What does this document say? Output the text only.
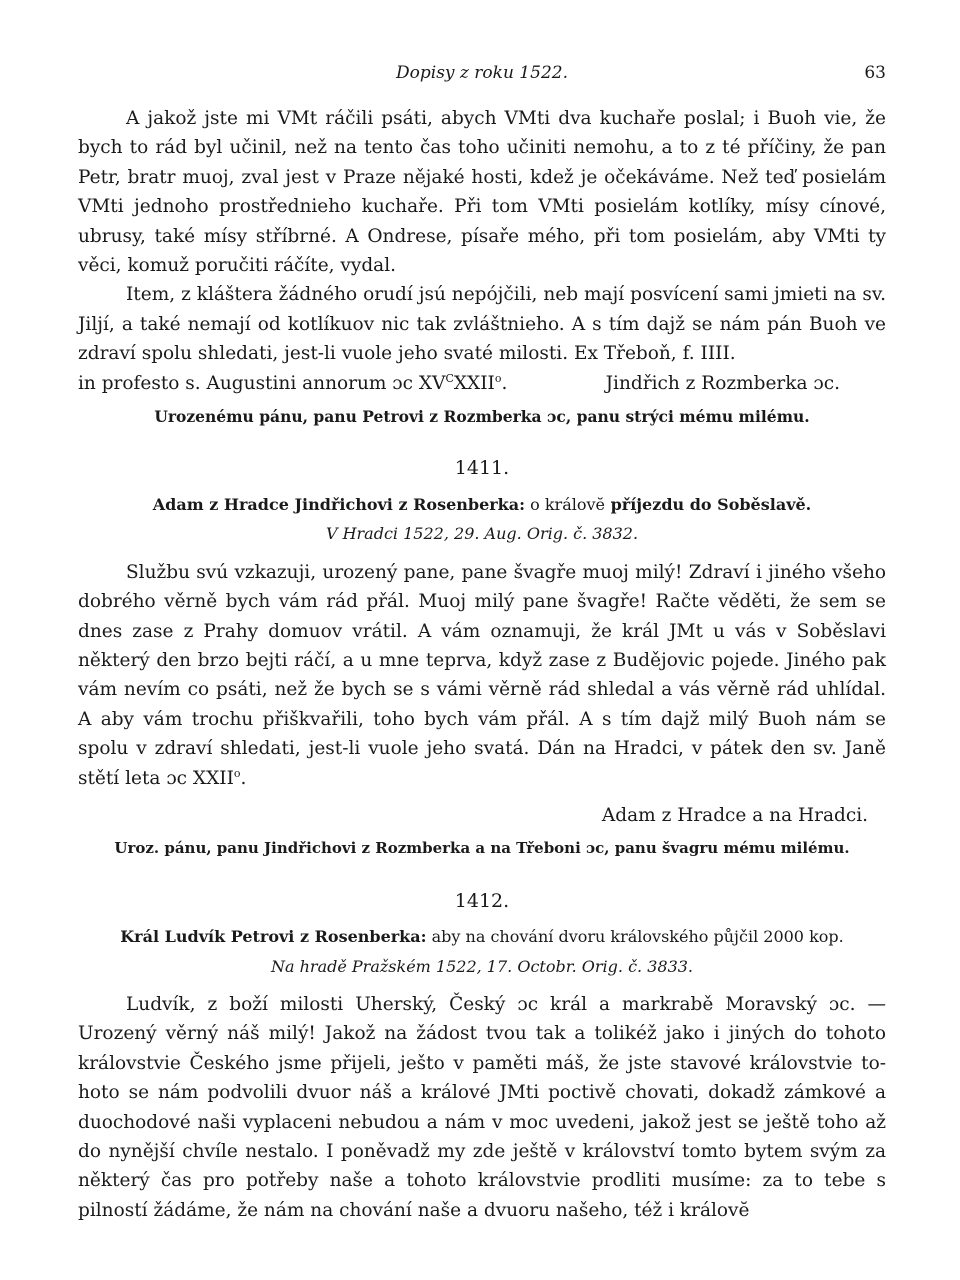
Dopisy z roku 1522.	63

A jakož jste mi VMt ráčili psáti, abych VMti dva kuchaře poslal; i Buoh vie, že bych to rád byl učinil, než na tento čas toho učiniti nemohu, a to z té příčiny, že pan Petr, bratr muoj, zval jest v Praze nějaké hosti, kdež je očekáváme. Než teď posielám VMti jednoho prostřednieho kuchaře. Při tom VMti posielám kotlíky, mísy cínové, ubrusy, také mísy stříbrné. A Ondrese, písaře mého, při tom posielám, aby VMti ty věci, komuž poručiti ráčíte, vydal.

Item, z kláštera žádného orudí jsú nepójčili, neb mají posvícení sami jmieti na sv. Jiljí, a také nemají od kotlíkuov nic tak zvláštnieho. A s tím dajž se nám pán Buoh ve zdraví spolu shledati, jest-li vuole jeho svaté milosti. Ex Třeboň, f. IIII.

in profesto s. Augustini annorum ɔc $XV^CXXII^o$.	Jindřich z Rozmberka ɔc.
Urozenému pánu, panu Petrovi z Rozmberka ɔc, panu strýci mému milému.
1411.
Adam z Hradce Jindřichovi z Rosenberka: o královĕ příjezdu do Soběslavě.
V Hradci 1522, 29. Aug. Orig. č. 3832.

Službu svú vzkazuji, urozený pane, pane švagře muoj milý! Zdraví i jiného všeho dobrého věrně bych vám rád přál. Muoj milý pane švagře! Račte věděti, že sem se dnes zase z Prahy domuov vrátil. A vám oznamuji, že král JMt u vás v Soběslavi některý den brzo bejti ráčí, a u mne teprva, když zase z Budějovic pojede. Jiného pak vám nevím co psáti, než že bych se s vámi věrně rád shledal a vás věrně rád uhlídal. A aby vám trochu přiškvařili, toho bych vám přál. A s tím dajž milý Buoh nám se spolu v zdraví shledati, jest-li vuole jeho svatá. Dán na Hradci, v pátek den sv. Janě stětí leta ɔc XXII$^o$.

Adam z Hradce a na Hradci.
Uroz. pánu, panu Jindřichovi z Rozmberka a na Třeboni ɔc, panu švagru mému milému.
1412.
Král Ludvík Petrovi z Rosenberka: aby na chování dvoru královského půjčil 2000 kop.
Na hradě Pražském 1522, 17. Octobr. Orig. č. 3833.

Ludvík, z boží milosti Uherský, Český ɔc král a markrabě Moravský ɔc. — Urozený věrný náš milý! Jakož na žádost tvou tak a tolikéž jako i jiných do tohoto královstvie Českého jsme přijeli, ješto v paměti máš, že jste stavové královstvie to-hoto se nám podvolili dvuor náš a králové JMti poctivě chovati, dokadž zámkové a duochodové naši vyplaceni nebudou a nám v moc uvedeni, jakož jest se ještě toho až do nynější chvíle nestalo. I poněvadž my zde ještě v království tomto bytem svým za některý čas pro potřeby naše a tohoto královstvie prodliti musíme: za to tebe s pilností žádáme, že nám na chování naše a dvuoru našeho, též i královĕ
